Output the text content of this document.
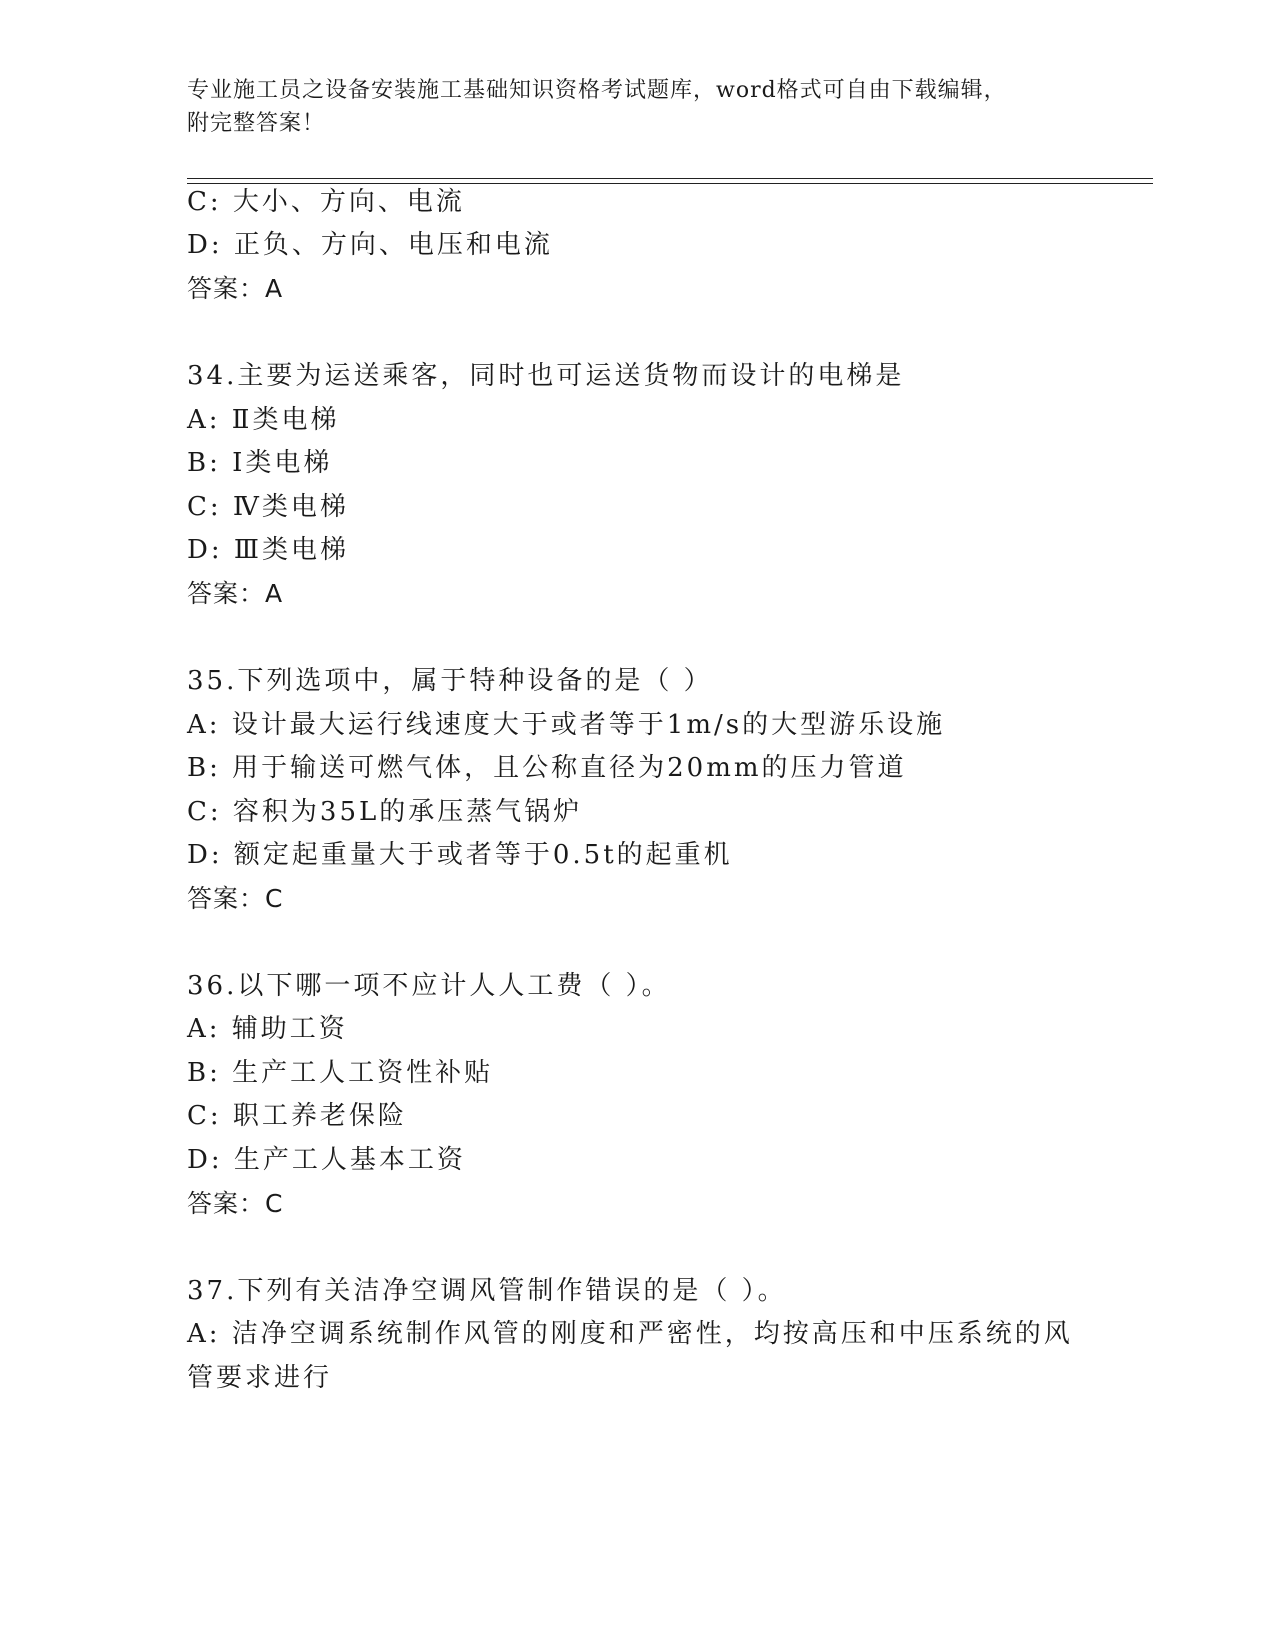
专业施工员之设备安装施工基础知识资格考试题库，word格式可自由下载编辑，
附完整答案！
C: 大小、方向、电流
D: 正负、方向、电压和电流
答案：A
34.主要为运送乘客，同时也可运送货物而设计的电梯是
A: Ⅱ类电梯
B: Ⅰ类电梯
C: Ⅳ类电梯
D: Ⅲ类电梯
答案：A
35.下列选项中，属于特种设备的是（ ）
A: 设计最大运行线速度大于或者等于1m/s的大型游乐设施
B: 用于输送可燃气体，且公称直径为20mm的压力管道
C: 容积为35L的承压蒸气锅炉
D: 额定起重量大于或者等于0.5t的起重机
答案：C
36.以下哪一项不应计人人工费（ ）。
A: 辅助工资
B: 生产工人工资性补贴
C: 职工养老保险
D: 生产工人基本工资
答案：C
37.下列有关洁净空调风管制作错误的是（ ）。
A: 洁净空调系统制作风管的刚度和严密性，均按高压和中压系统的风
管要求进行
